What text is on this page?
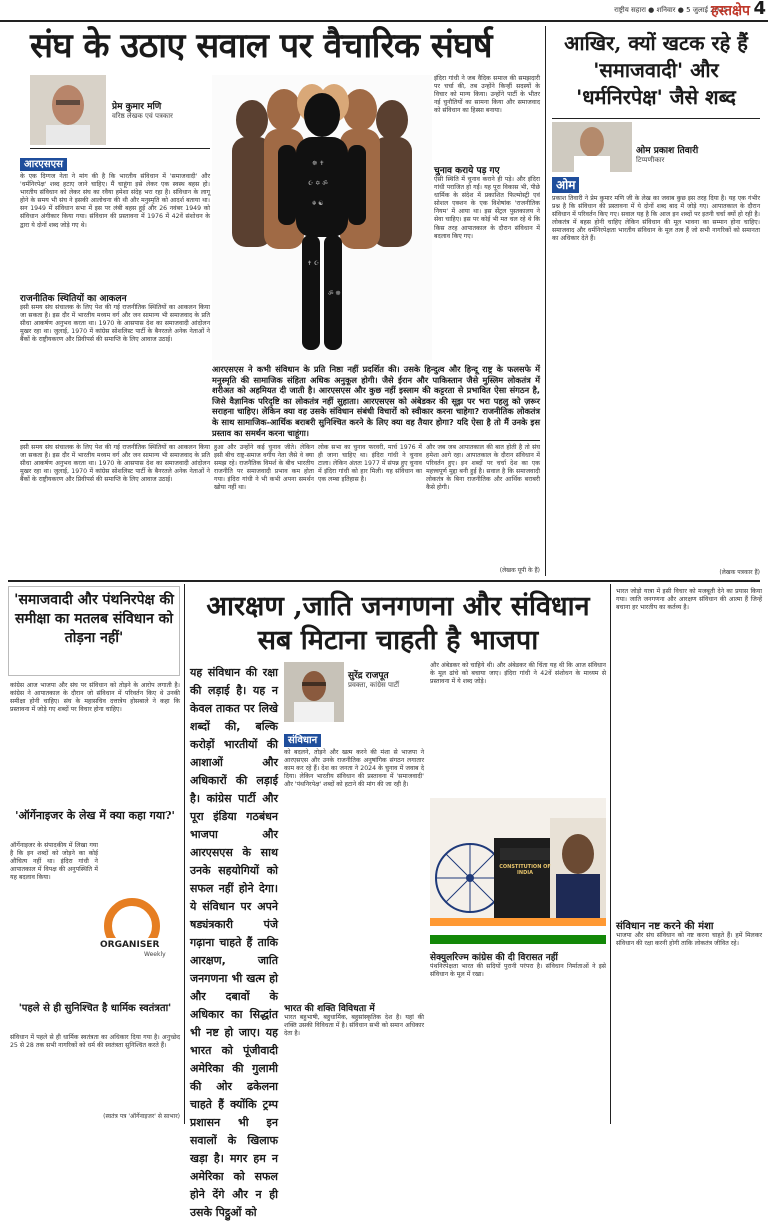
राष्ट्रीय सहारा ● शनिवार ● 5 जुलाई 2025
हस्तक्षेप 4
संघ के उठाए सवाल पर वैचारिक संघर्ष
प्रेम कुमार मणि
वरिष्ठ लेखक एवं पत्रकार
आरएसएस
के एक दिग्गज नेता ने मांग की है कि भारतीय संविधान में 'समाजवादी' और 'धर्मनिरपेक्ष' शब्द हटाए जाने चाहिए। मैं चाहूंगा इसे लेकर एक स्वस्थ बहस हो। भारतीय संविधान को लेकर संघ का रवैया हमेशा संदेह भरा रहा है। संविधान के लागू होने के समय भी संघ ने इसकी आलोचना की थी और मनुस्मृति को आदर्श बताया था। सन 1949 में संविधान सभा में इस पर लंबी बहस हुई और 26 नवंबर 1949 को संविधान अंगीकार किया गया। संविधान की प्रस्तावना में 1976 में 42वें संशोधन के द्वारा ये दोनों शब्द जोड़े गए थे।
राजनीतिक स्थितियों का आकलन
इसी समय संघ संचालक के लिए पेश की गई राजनीतिक स्थितियों का आकलन किया जा सकता है। इस दौर में भारतीय मध्यम वर्ग और जन सामान्य भी समाजवाद के प्रति सीधा आकर्षण अनुभव करता था। 1970 के आसपास देश का समाजवादी आंदोलन मुखर रहा था। जुलाई, 1970 में कांग्रेस सोशलिस्ट पार्टी के बैनरतले अनेक नेताओं ने बैंकों के राष्ट्रीयकरण और प्रिवीपर्स की समाप्ति के लिए आवाज उठाई।
☸ ✝
☪ ✡ ॐ
☬ ☯
✝ ☪
ॐ ☸
इंदिरा गांधी ने जब वैदिक समाज की समझदारी पर चर्चा की, तब उन्होंने किन्हीं सदस्यों के विचार को मान्य किया। उन्होंने पार्टी के भीतर नई चुनौतियों का सामना किया और समाजवाद को संविधान का हिस्सा बनाया।
चुनाव कराये पड़ गए
ऐसी स्थिति में चुनाव कराने ही पड़े। और इंदिरा गांधी पराजित हो गईं। यह पूरा विकास भी, पीछे धार्मिक के संदेश में प्रकाशित फिल्मोस्ट्री एवं सोशल एक्शन के एक विशेषांक 'राजनीतिक नियम' में आया था। इस सेंट्रल पुस्तकालय ने सेवा चाहिए। इस पर कोई भी मत चल रहे थे कि किस तरह आपातकाल के दौरान संविधान में बदलाव किए गए।
आरएसएस ने कभी संविधान के प्रति निष्ठा नहीं प्रदर्शित की। उसके हिन्दुत्व और हिन्दू राष्ट्र के फलसफे में मनुस्मृति की सामाजिक संहिता अधिक अनुकूल होगी। जैसे ईरान और पाकिस्तान जैसे मुस्लिम लोकतंत्र में शरीअत को अहमियत दी जाती है। आरएसएस और कुछ नहीं इस्लाम की कट्टरता से प्रभावित ऐसा संगठन है, जिसे वैज्ञानिक परिदृष्टि का लोकतंत्र नहीं सुहाता। आरएसएस को अंबेडकर की सूझ पर भरा पहलु को ज़रूर सराहना चाहिए। लेकिन क्या वह उसके संविधान संबंधी विचारों को स्वीकार करना चाहेगा? राजनीतिक लोकतंत्र के साथ सामाजिक-आर्थिक बराबरी सुनिश्चित करने के लिए क्या वह तैयार होगा? यदि ऐसा है तो मैं उनके इस प्रस्ताव का समर्थन करना चाहूंगा।
इसी समय संघ संचालक के लिए पेश की गई राजनीतिक स्थितियों का आकलन किया जा सकता है। इस दौर में भारतीय मध्यम वर्ग और जन सामान्य भी समाजवाद के प्रति सीधा आकर्षण अनुभव करता था। 1970 के आसपास देश का समाजवादी आंदोलन मुखर रहा था। जुलाई, 1970 में कांग्रेस सोशलिस्ट पार्टी के बैनरतले अनेक नेताओं ने बैंकों के राष्ट्रीयकरण और प्रिवीपर्स की समाप्ति के लिए आवाज उठाई।
हुआ और उन्होंने कई चुनाव जीते। लेकिन इसी बीच राष्ट्र-समाज वर्गीय नेता जैसे वे क्या समझ रहे। राजनैतिक विमर्श के बीच भारतीय राजनीति पर समाजवादी प्रभाव कम होता गया। इंदिरा गांधी ने भी कभी अपना समर्थन खोया नहीं था।
लोक सभा का चुनाव फरवरी, मार्च 1976 में ही जाना चाहिए था। इंदिरा गांधी ने चुनाव टाला। लेकिन अंततः 1977 में संपन्न हुए चुनाव में इंदिरा गांधी को हार मिली। यह संविधान का एक लम्बा इतिहास है।
और जब जब आपातकाल की बात होती है तो संघ हमेशा आगे रहा। आपातकाल के दौरान संविधान में परिवर्तन हुए। इन शब्दों पर चर्चा देश का एक महत्त्वपूर्ण मुद्दा बनी हुई है। सवाल है कि समाजवादी लोकतंत्र के बिना राजनीतिक और आर्थिक बराबरी कैसे होगी।
(लेखक यूपी के हैं)
आखिर, क्यों खटक रहे हैं 'समाजवादी' और 'धर्मनिरपेक्ष' जैसे शब्द
ओम प्रकाश तिवारी
टिप्पणीकार
ओम
प्रकाश तिवारी ने प्रेम कुमार मणि जी के लेख का जवाब कुछ इस तरह दिया है। यह एक गंभीर प्रश्न है कि संविधान की प्रस्तावना में ये दोनों शब्द बाद में जोड़े गए। आपातकाल के दौरान संविधान में परिवर्तन किए गए। सवाल यह है कि आज इन शब्दों पर इतनी चर्चा क्यों हो रही है। लोकतंत्र में बहस होनी चाहिए लेकिन संविधान की मूल भावना का सम्मान होना चाहिए। समाजवाद और धर्मनिरपेक्षता भारतीय संविधान के मूल तत्व हैं जो सभी नागरिकों को समानता का अधिकार देते हैं।
(लेखक पत्रकार हैं)
'समाजवादी और पंथनिरपेक्ष की समीक्षा का मतलब संविधान को तोड़ना नहीं'
कांग्रेस आज भाजपा और संघ पर संविधान को तोड़ने के आरोप लगाती है। कांग्रेस ने आपातकाल के दौरान जो संविधान में परिवर्तन किए थे उनकी समीक्षा होनी चाहिए। संघ के महासचिव दत्तात्रेय होसबाले ने कहा कि प्रस्तावना में जोड़े गए शब्दों पर विचार होना चाहिए।
'ऑर्गेनाइजर के लेख में क्या कहा गया?'
ऑर्गेनाइजर के संपादकीय में लिखा गया है कि इन शब्दों को जोड़ने का कोई औचित्य नहीं था। इंदिरा गांधी ने आपातकाल में विपक्ष की अनुपस्थिति में यह बदलाव किया।
ORGANISER
Weekly
'पहले से ही सुनिश्चित है धार्मिक स्वतंत्रता'
संविधान में पहले से ही धार्मिक स्वतंत्रता का अधिकार दिया गया है। अनुच्छेद 25 से 28 तक सभी नागरिकों को धर्म की स्वतंत्रता सुनिश्चित करते हैं।
(स्वतंत्र पत्र 'ऑर्गेनाइजर' से साभार)
आरक्षण ,जाति जनगणना और संविधान सब मिटाना चाहती है भाजपा
यह संविधान की रक्षा की लड़ाई है। यह न केवल ताकत पर लिखे शब्दों की, बल्कि करोड़ों भारतीयों की आशाओं और अधिकारों की लड़ाई है। कांग्रेस पार्टी और पूरा इंडिया गठबंधन भाजपा और आरएसएस के साथ उनके सहयोगियों को सफल नहीं होने देगा। ये संविधान पर अपने षड्यंत्रकारी पंजे गढ़ाना चाहते हैं ताकि आरक्षण, जाति जनगणना भी खत्म हो और दबावों के अधिकार का सिद्धांत भी नष्ट हो जाए। यह भारत को पूंजीवादी अमेरिका की गुलामी की ओर ढकेलना चाहते हैं क्योंकि ट्रम्प प्रशासन भी इन सवालों के खिलाफ खड़ा है। मगर हम न अमेरिका को सफल होने देंगे और न ही उसके पिट्ठुओं को
सुरेंद्र राजपूत
प्रवक्ता, कांग्रेस पार्टी
संविधान
को बदलने, तोड़ने और खत्म करने की मंशा से भाजपा ने आरएसएस और उनके राजनीतिक अनुषांगिक संगठन लगातार काम कर रहे हैं। देश का जनता ने 2024 के चुनाव में जवाब दे दिया। लेकिन भारतीय संविधान की प्रस्तावना में 'समाजवादी' और 'पंथनिरपेक्ष' शब्दों को हटाने की मांग की जा रही है।
भारत की शक्ति विविधता में
भारत बहुभाषी, बहुधार्मिक, बहुसांस्कृतिक देश है। यहां की शक्ति उसकी विविधता में है। संविधान सभी को समान अधिकार देता है।
और अंबेडकर को चाहिये थी। और अंबेडकर की चिंता यह थी कि आज संविधान के मूल ढांचे को बचाया जाए। इंदिरा गांधी ने 42वें संशोधन के माध्यम से प्रस्तावना में ये शब्द जोड़े।
CONSTITUTION OF INDIA
सेक्युलरिज्म कांग्रेस की दी विरासत नहीं
पंथनिरपेक्षता भारत की सदियों पुरानी परंपरा है। संविधान निर्माताओं ने इसे संविधान के मूल में रखा।
भारत जोड़ो यात्रा में इसी विचार को मजबूती देने का प्रयास किया गया। जाति जनगणना और आरक्षण संविधान की आत्मा हैं जिन्हें बचाना हर भारतीय का कर्तव्य है।
संविधान नष्ट करने की मंशा
भाजपा और संघ संविधान को नष्ट करना चाहते हैं। हमें मिलकर संविधान की रक्षा करनी होगी ताकि लोकतंत्र जीवित रहे।
